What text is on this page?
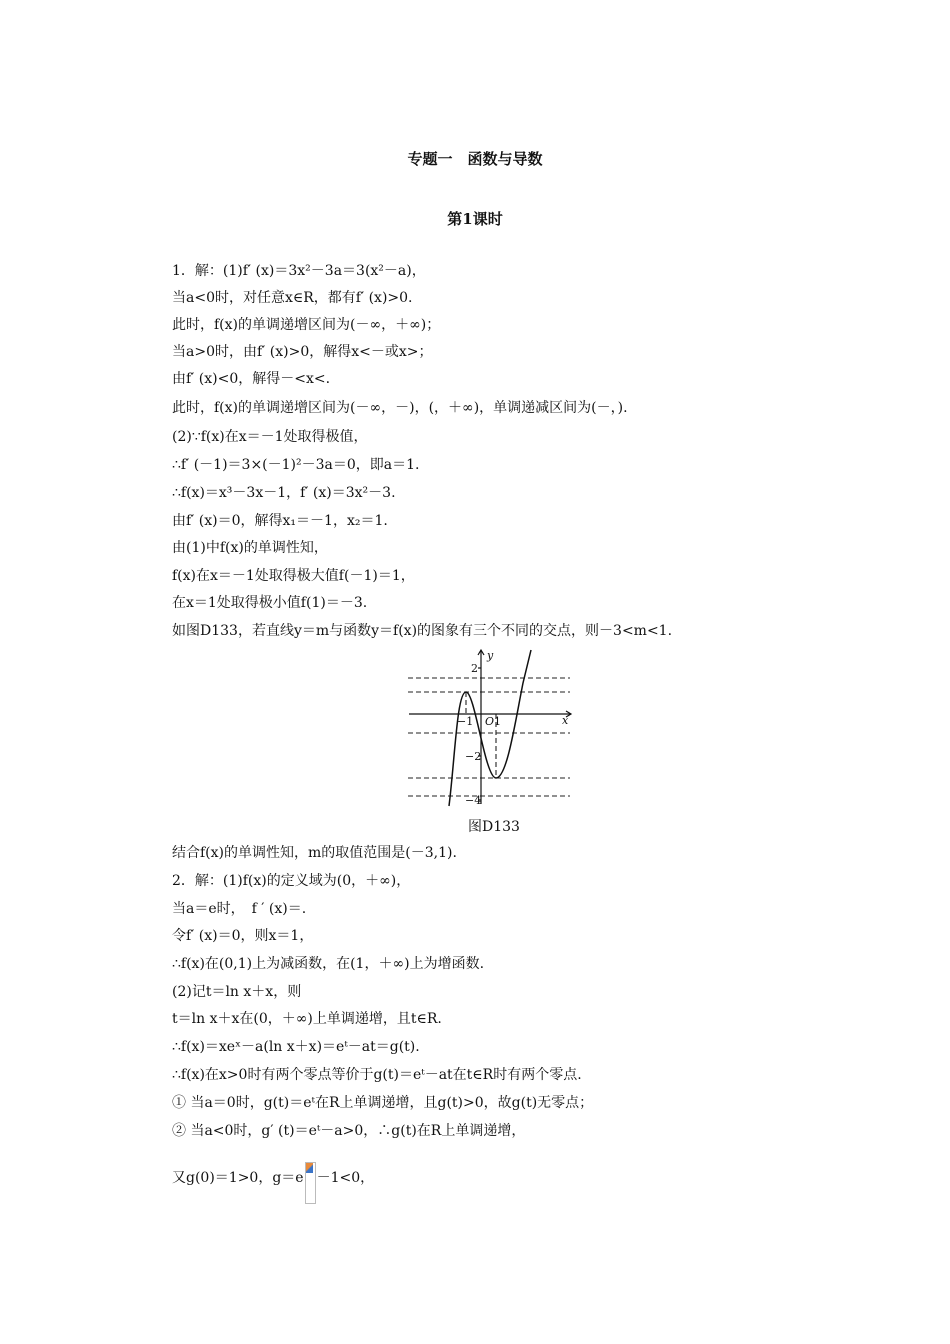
专题一　函数与导数
第1课时
1．解：(1)f′ (x)＝3x²－3a＝3(x²－a)，
当a<0时，对任意x∈R，都有f′ (x)>0.
此时，f(x)的单调递增区间为(－∞，＋∞)；
当a>0时，由f′ (x)>0，解得x<－或x>；
由f′ (x)<0，解得－<x<.
此时，f(x)的单调递增区间为(－∞，－)，(，＋∞)，单调递减区间为(－，).
(2)∵f(x)在x＝－1处取得极值，
∴f′ (－1)＝3×(－1)²－3a＝0，即a＝1.
∴f(x)＝x³－3x－1，f′ (x)＝3x²－3.
由f′ (x)＝0，解得x₁＝－1，x₂＝1.
由(1)中f(x)的单调性知，
f(x)在x＝－1处取得极大值f(－1)＝1，
在x＝1处取得极小值f(1)＝－3.
如图D133，若直线y＝m与函数y＝f(x)的图象有三个不同的交点，则－3<m<1.
y
x
2
−1 O 1
−2
−4
图D133
结合f(x)的单调性知，m的取值范围是(－3,1).
2．解：(1)f(x)的定义域为(0，＋∞)，
当a＝e时，　f ′ (x)＝.
令f′ (x)＝0，则x＝1，
∴f(x)在(0,1)上为减函数，在(1，＋∞)上为增函数.
(2)记t＝ln x＋x，则
t＝ln x＋x在(0，＋∞)上单调递增，且t∈R.
∴f(x)＝xeˣ－a(ln x＋x)＝eᵗ－at＝g(t).
∴f(x)在x>0时有两个零点等价于g(t)＝eᵗ－at在t∈R时有两个零点.
① 当a＝0时，g(t)＝eᵗ在R上单调递增，且g(t)>0，故g(t)无零点；
② 当a<0时，g′ (t)＝eᵗ－a>0，∴g(t)在R上单调递增，
又g(0)＝1>0，g＝e －1<0，
